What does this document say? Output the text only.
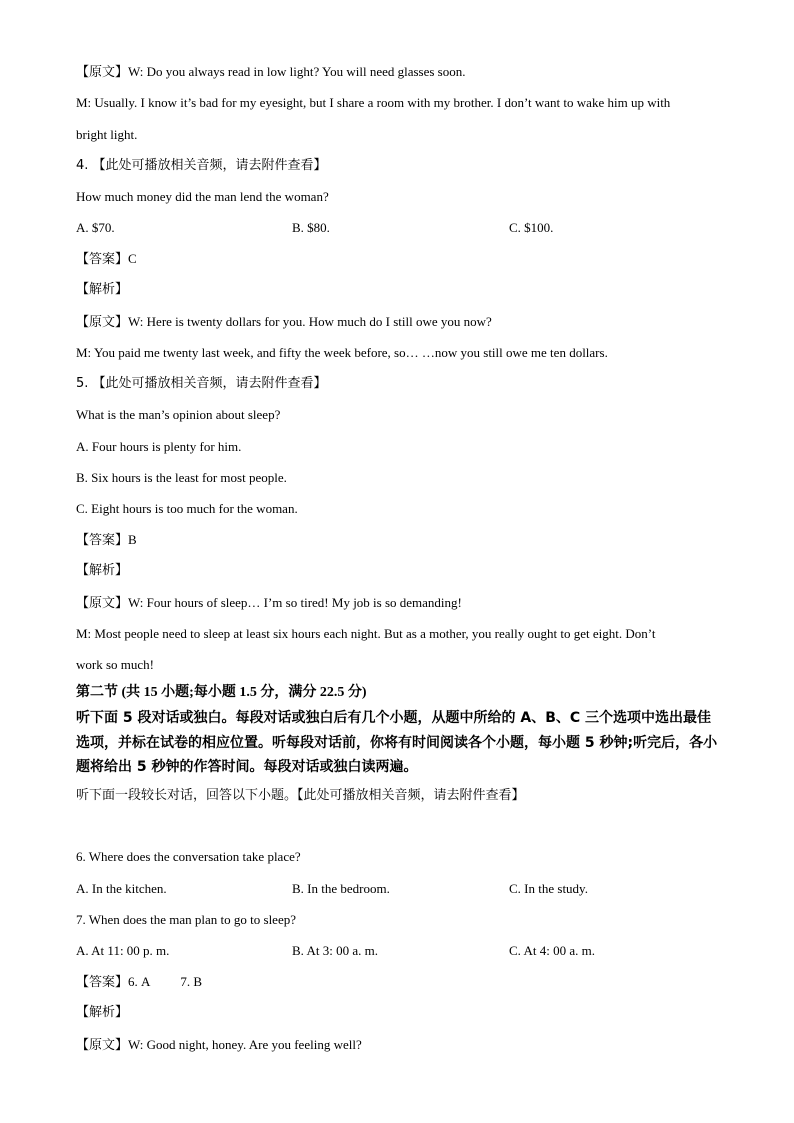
【原文】W: Do you always read in low light? You will need glasses soon.
M: Usually. I know it’s bad for my eyesight, but I share a room with my brother. I don’t want to wake him up with
bright light.
4. 【此处可播放相关音频，请去附件查看】
How much money did the man lend the woman?
A. $70.	B. $80.	C. $100.
【答案】C
【解析】
【原文】W: Here is twenty dollars for you. How much do I still owe you now?
M: You paid me twenty last week, and fifty the week before, so… …now you still owe me ten dollars.
5. 【此处可播放相关音频，请去附件查看】
What is the man’s opinion about sleep?
A. Four hours is plenty for him.
B. Six hours is the least for most people.
C. Eight hours is too much for the woman.
【答案】B
【解析】
【原文】W: Four hours of sleep… I’m so tired! My job is so demanding!
M: Most people need to sleep at least six hours each night. But as a mother, you really ought to get eight. Don’t
work so much!
第二节 (共 15 小题;每小题 1.5 分，满分 22.5 分)
听下面 5 段对话或独白。每段对话或独白后有几个小题，从题中所给的 A、B、C 三个选项中选出最佳选项，并标在试卷的相应位置。听每段对话前，你将有时间阅读各个小题，每小题 5 秒钟;听完后，各小题将给出 5 秒钟的作答时间。每段对话或独白读两遍。
听下面一段较长对话，回答以下小题。【此处可播放相关音频，请去附件查看】
6. Where does the conversation take place?
A. In the kitchen.	B. In the bedroom.	C. In the study.
7. When does the man plan to go to sleep?
A. At 11: 00 p. m.	B. At 3: 00 a. m.	C. At 4: 00 a. m.
【答案】6. A 7. B
【解析】
【原文】W: Good night, honey. Are you feeling well?
